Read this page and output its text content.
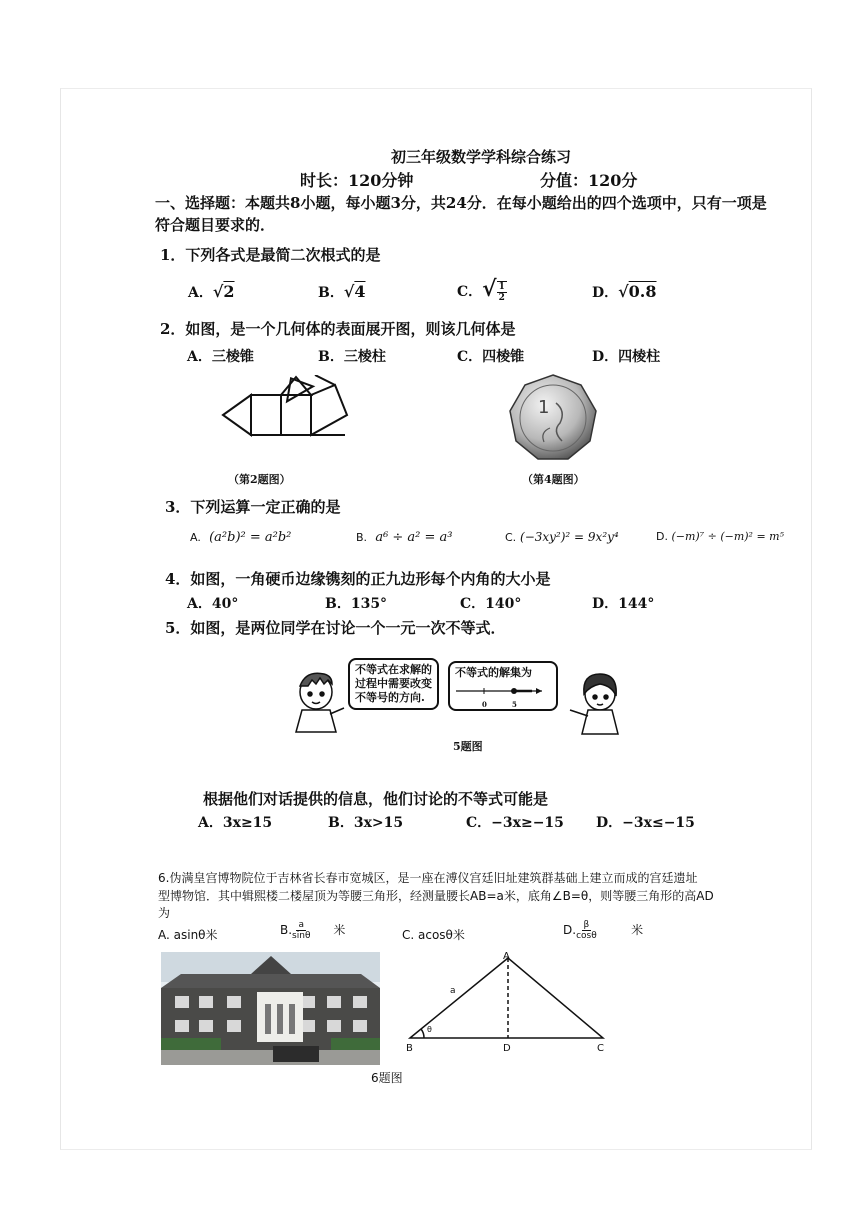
初三年级数学学科综合练习
时长：120分钟	分值：120分
一、选择题：本题共8小题，每小题3分，共24分．在每小题给出的四个选项中，只有一项是
符合题目要求的．
1．下列各式是最简二次根式的是
A．√2	B．√4	C．√ $\frac{1}{2}$	D．√0.8
2．如图，是一个几何体的表面展开图，则该几何体是
A．三棱锥	B．三棱柱	C．四棱锥	D．四棱柱
（第2题图）
1
（第4题图）
3．下列运算一定正确的是
A. (a²b)² = a²b²	B. a⁶ ÷ a² = a³	C. (−3xy²)² = 9x²y⁴	D. (−m)⁷ ÷ (−m)² = m⁵
4．如图，一角硬币边缘镌刻的正九边形每个内角的大小是
A．40°	B．135°	C．140°	D．144°
5．如图，是两位同学在讨论一个一元一次不等式．
不等式在求解的
过程中需要改变
不等号的方向.
不等式的解集为
0	5
5题图
根据他们对话提供的信息，他们讨论的不等式可能是
A．3x≥15	B．3x>15	C．−3x≥−15 D．−3x≤−15
6.伪满皇宫博物院位于吉林省长春市宽城区，是一座在溥仪宫廷旧址建筑群基础上建立而成的宫廷遗址
型博物馆．其中辑熙楼二楼屋顶为等腰三角形，经测量腰长AB=a米，底角∠B=θ，则等腰三角形的高AD
为
A. asinθ米	B. $\frac{a}{\sin\theta}$ 米	C. acosθ米	D. $\frac{\beta}{\cos\theta}$	米
A
B	D	C
a
θ
6题图
